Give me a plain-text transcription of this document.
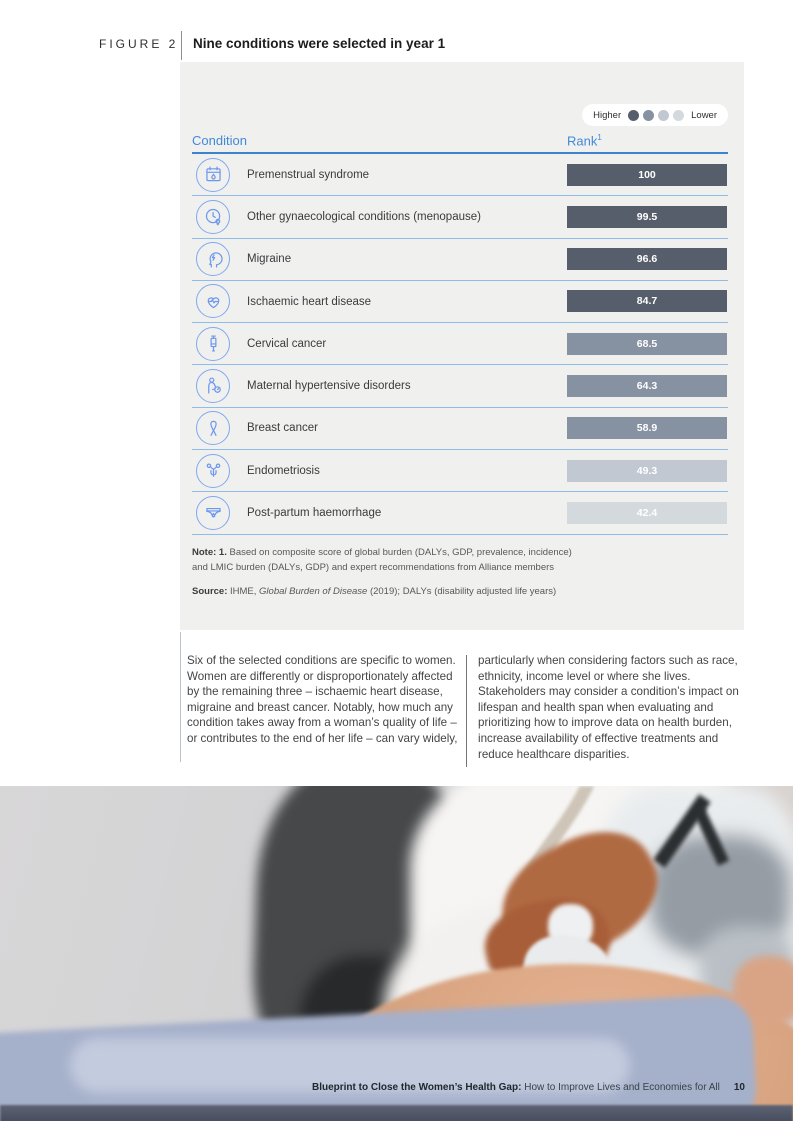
FIGURE 2 Nine conditions were selected in year 1
Higher	Lower
Condition	Rank$^1$
Premenstrual syndrome	100
Other gynaecological conditions (menopause)	99.5
Migraine	96.6
Ischaemic heart disease	84.7
Cervical cancer	68.5
Maternal hypertensive disorders	64.3
Breast cancer	58.9
Endometriosis	49.3
Post-partum haemorrhage	42.4
Note: 1. Based on composite score of global burden (DALYs, GDP, prevalence, incidence) and LMIC burden (DALYs, GDP) and expert recommendations from Alliance members
Source: IHME, Global Burden of Disease (2019); DALYs (disability adjusted life years)
Six of the selected conditions are specific to women. Women are differently or disproportionately affected by the remaining three – ischaemic heart disease, migraine and breast cancer. Notably, how much any condition takes away from a woman’s quality of life – or contributes to the end of her life – can vary widely,
particularly when considering factors such as race, ethnicity, income level or where she lives. Stakeholders may consider a condition’s impact on lifespan and health span when evaluating and prioritizing how to improve data on health burden, increase availability of effective treatments and reduce healthcare disparities.
Blueprint to Close the Women’s Health Gap: How to Improve Lives and Economies for All 10
